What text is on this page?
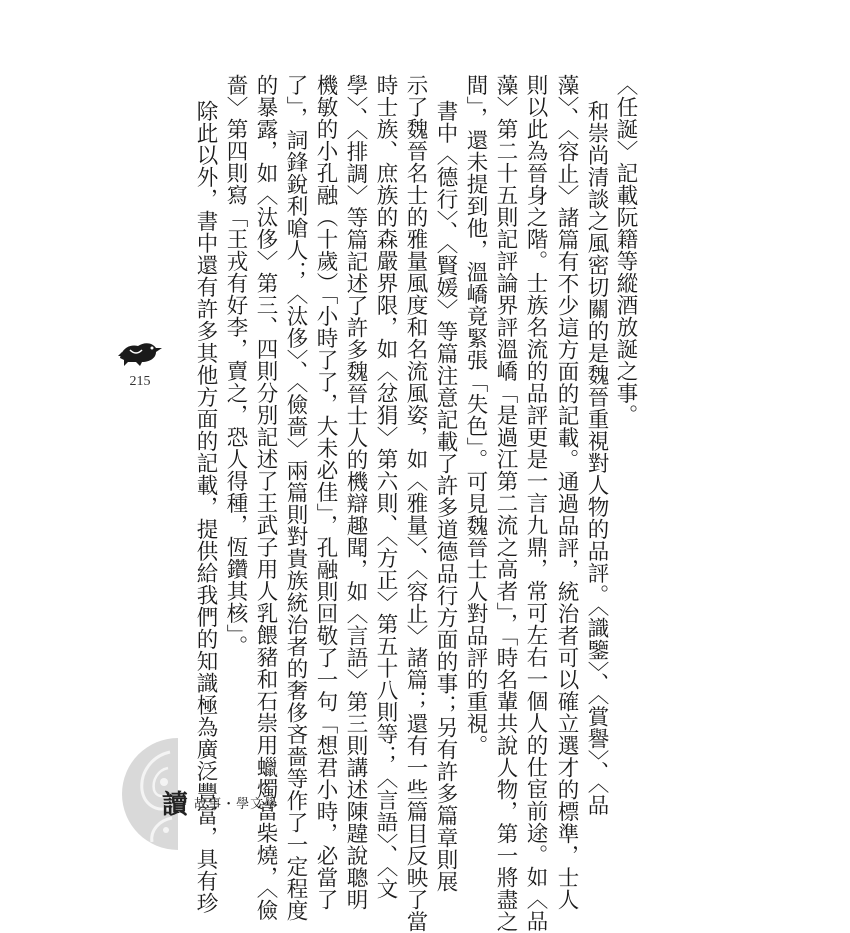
〈任誕〉記載阮籍等縱酒放誕之事。
和崇尚清談之風密切關的是魏晉重視對人物的品評。〈識鑒〉、〈賞譽〉、〈品
藻〉、〈容止〉諸篇有不少這方面的記載。通過品評，統治者可以確立選才的標準，士人
則以此為晉身之階。士族名流的品評更是一言九鼎，常可左右一個人的仕宦前途。如〈品
藻〉第二十五則記評論界評溫嶠「是過江第二流之高者」，「時名輩共說人物，第一將盡之
間」，還未提到他，溫嶠竟緊張「失色」。可見魏晉士人對品評的重視。
書中〈德行〉、〈賢媛〉等篇注意記載了許多道德品行方面的事；另有許多篇章則展
示了魏晉名士的雅量風度和名流風姿，如〈雅量〉、〈容止〉諸篇；還有一些篇目反映了當
時士族、庶族的森嚴界限，如〈忿狷〉第六則、〈方正〉第五十八則等；〈言語〉、〈文
學〉、〈排調〉等篇記述了許多魏晉士人的機辯趣聞，如〈言語〉第三則講述陳韙說聰明
機敏的小孔融（十歲）「小時了了，大未必佳」，孔融則回敬了一句「想君小時，必當了
了」，詞鋒銳利嗆人；〈汰侈〉、〈儉嗇〉兩篇則對貴族統治者的奢侈吝嗇等作了一定程度
的暴露，如〈汰侈〉第三、四則分別記述了王武子用人乳餵豬和石崇用蠟燭當柴燒，〈儉
嗇〉第四則寫「王戎有好李，賣之，恐人得種，恆鑽其核」。
除此以外，書中還有許多其他方面的記載，提供給我們的知識極為廣泛豐富，具有珍
215
讀 故事・學文學
